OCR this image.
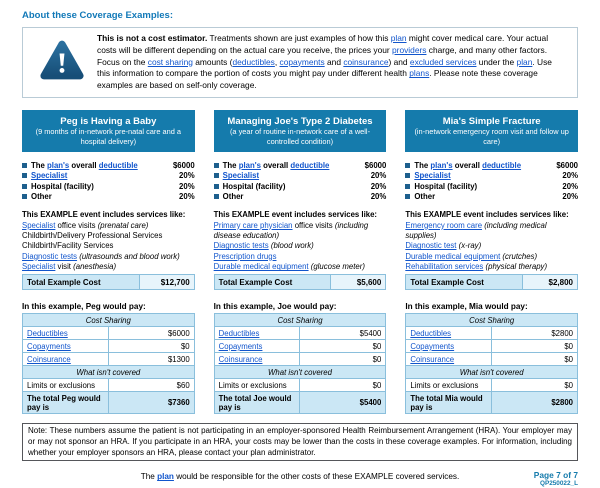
About these Coverage Examples:

This is not a cost estimator. Treatments shown are just examples of how this plan might cover medical care. Your actual costs will be different depending on the actual care you receive, the prices your providers charge, and many other factors. Focus on the cost sharing amounts (deductibles, copayments and coinsurance) and excluded services under the plan. Use this information to compare the portion of costs you might pay under different health plans. Please note these coverage examples are based on self-only coverage.

Peg is Having a Baby
(9 months of in-network pre-natal care and a hospital delivery)
The plan's overall deductible	$6000
Specialist	20%
Hospital (facility)	20%
Other	20%
This EXAMPLE event includes services like:
Specialist office visits (prenatal care)
Childbirth/Delivery Professional Services
Childbirth/Facility Services
Diagnostic tests (ultrasounds and blood work)
Specialist visit (anesthesia)
Total Example Cost	$12,700
In this example, Peg would pay:
Cost Sharing	
Deductibles	$6000
Copayments	$0
Coinsurance	$1300
What isn't covered	
Limits or exclusions	$60
The total Peg would pay is	$7360
Managing Joe's Type 2 Diabetes
(a year of routine in-network care of a well-controlled condition)
The plan's overall deductible	$6000
Specialist	20%
Hospital (facility)	20%
Other	20%
This EXAMPLE event includes services like:
Primary care physician office visits (including disease education)
Diagnostic tests (blood work)
Prescription drugs
Durable medical equipment (glucose meter)
Total Example Cost	$5,600
In this example, Joe would pay:
Cost Sharing	
Deductibles	$5400
Copayments	$0
Coinsurance	$0
What isn't covered	
Limits or exclusions	$0
The total Joe would pay is	$5400
Mia's Simple Fracture
(in-network emergency room visit and follow up care)
The plan's overall deductible	$6000
Specialist	20%
Hospital (facility)	20%
Other	20%
This EXAMPLE event includes services like:
Emergency room care (including medical supplies)
Diagnostic test (x-ray)
Durable medical equipment (crutches)
Rehabilitation services (physical therapy)
Total Example Cost	$2,800
In this example, Mia would pay:
Cost Sharing	
Deductibles	$2800
Copayments	$0
Coinsurance	$0
What isn't covered	
Limits or exclusions	$0
The total Mia would pay is	$2800
Note: These numbers assume the patient is not participating in an employer-sponsored Health Reimbursement Arrangement (HRA). Your employer may or may not sponsor an HRA. If you participate in an HRA, your costs may be lower than the costs in these coverage examples. For information, including whether your employer sponsors an HRA, please contact your plan administrator.
The plan would be responsible for the other costs of these EXAMPLE covered services.	Page 7 of 7
QP250022_L
